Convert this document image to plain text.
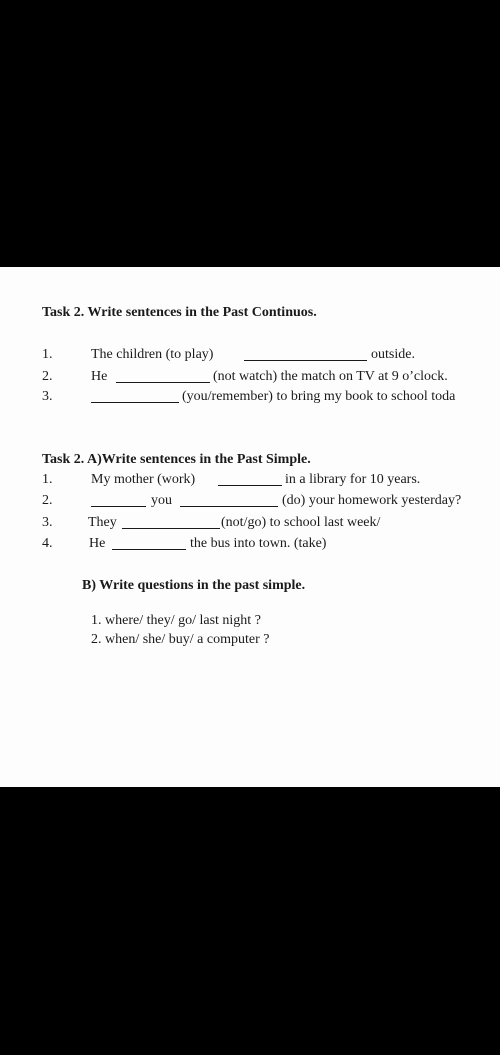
Task 2. Write sentences in the Past Continuos.
1.	The children (to play)	outside.
2.	He	(not watch) the match on TV at 9 o’clock.
3.	(you/remember) to bring my book to school toda
Task 2. A)Write sentences in the Past Simple.
1.	My mother (work)	in a library for 10 years.
2.	you	(do) your homework yesterday?
3.	They	(not/go) to school last week/
4.	He	the bus into town. (take)
B) Write questions in the past simple.
1. where/ they/ go/ last night ?
2. when/ she/ buy/ a computer ?
